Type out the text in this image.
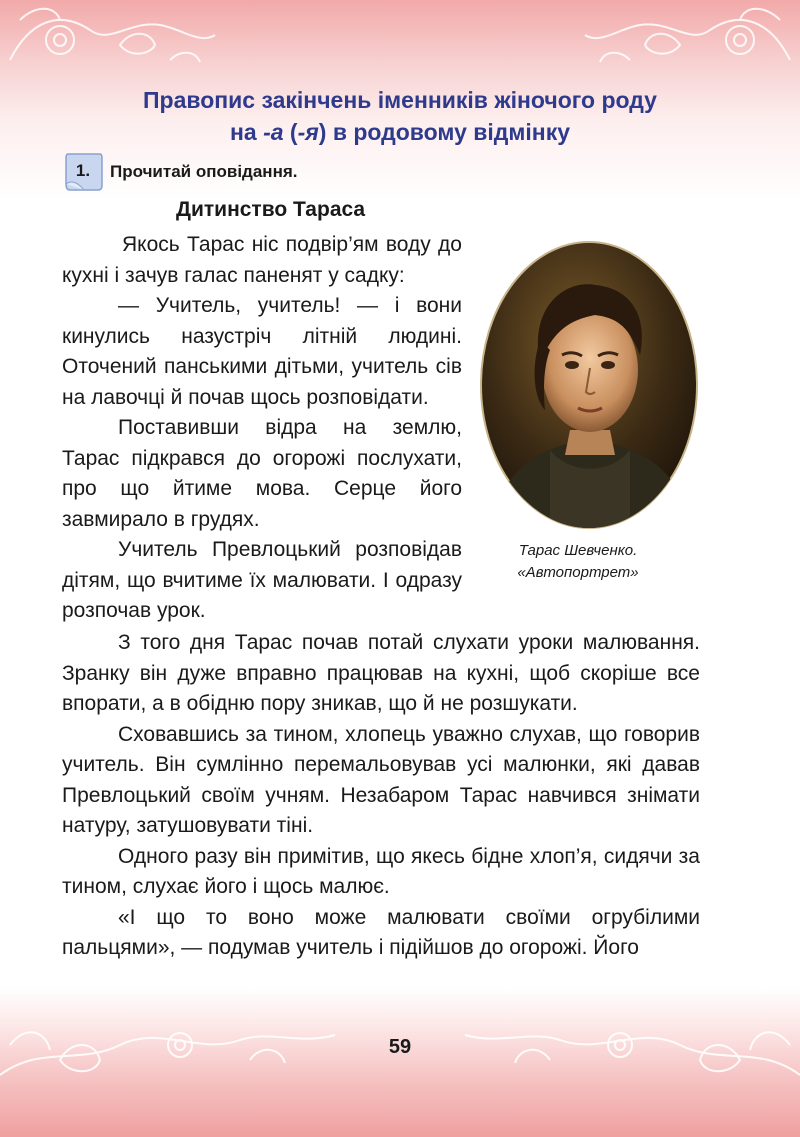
Правопис закінчень іменників жіночого роду
на -а (-я) в родовому відмінку
1.	Прочитай оповідання.
Дитинство Тараса

Якось Тарас ніс подвір’ям воду до кухні і зачув галас паненят у садку:

— Учитель, учитель! — і вони кинулись назустріч літній людині. Оточений панськими дітьми, учитель сів на лавочці й почав щось розповідати.

Поставивши відра на землю, Тарас підкрався до огорожі послухати, про що йтиме мова. Серце його завмирало в грудях.

Учитель Превлоцький розповідав дітям, що вчитиме їх малювати. І одразу розпочав урок.

Тарас Шевченко.
«Автопортрет»

З того дня Тарас почав потай слухати уроки малювання. Зранку він дуже вправно працював на кухні, щоб скоріше все впорати, а в обідню пору зникав, що й не розшукати.

Сховавшись за тином, хлопець уважно слухав, що говорив учитель. Він сумлінно перемальовував усі малюнки, які давав Превлоцький своїм учням. Незабаром Тарас навчився знімати натуру, затушовувати тіні.

Одного разу він примітив, що якесь бідне хлоп’я, сидячи за тином, слухає його і щось малює.

«І що то воно може малювати своїми огрубілими пальцями», — подумав учитель і підійшов до огорожі. Його

59
